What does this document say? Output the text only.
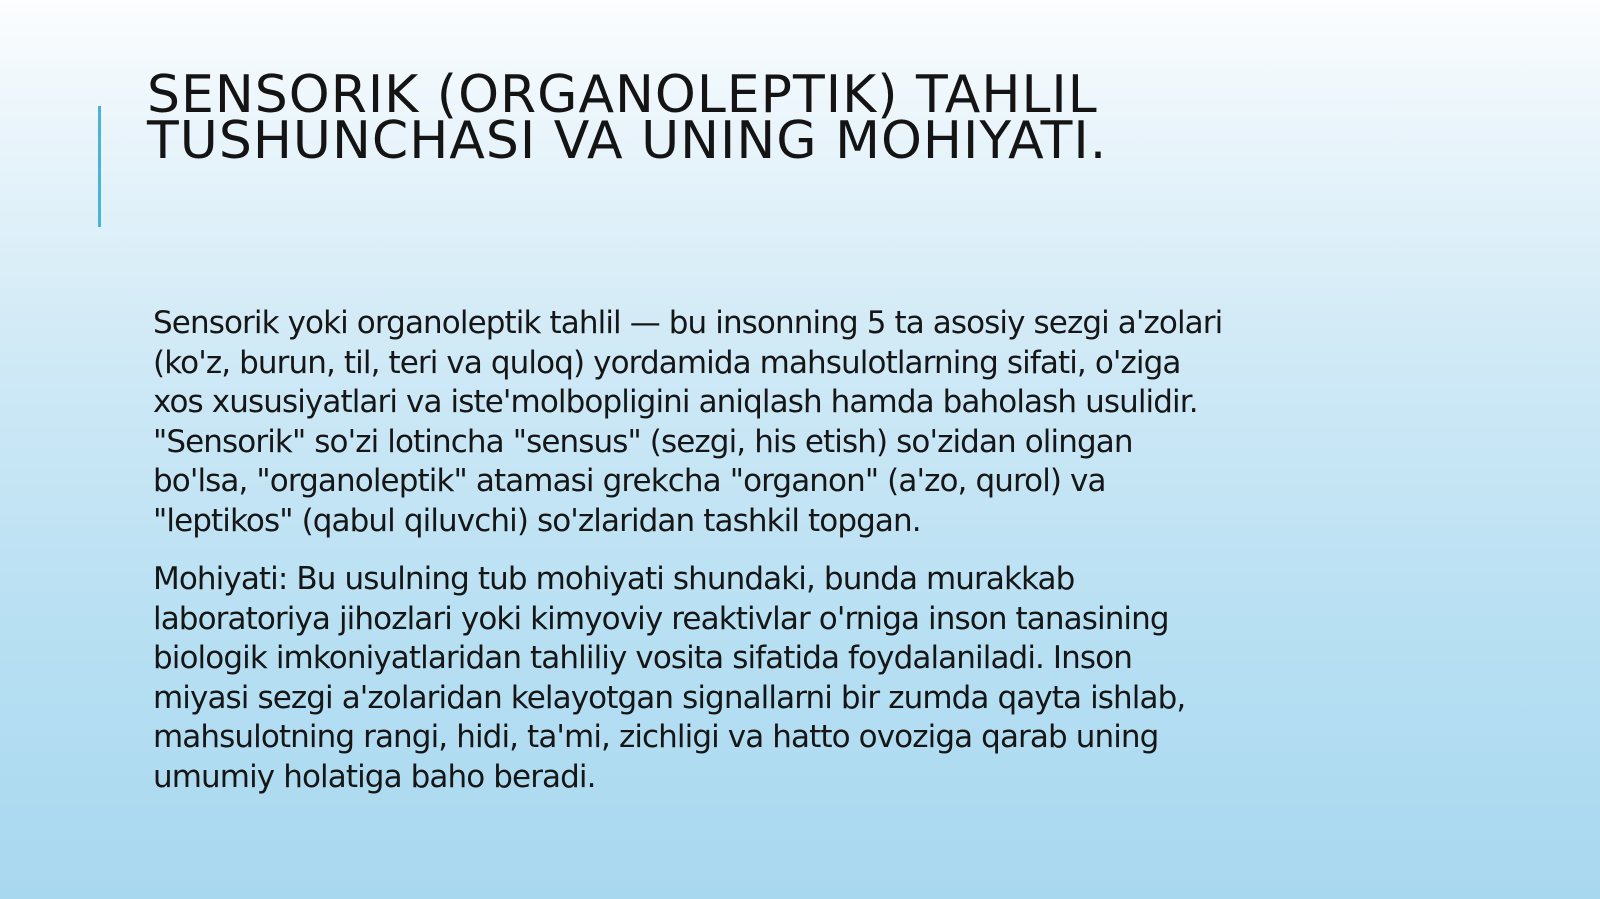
SENSORIK (ORGANOLEPTIK) TAHLIL
TUSHUNCHASI VA UNING MOHIYATI.

Sensorik yoki organoleptik tahlil — bu insonning 5 ta asosiy sezgi a'zolari
(ko'z, burun, til, teri va quloq) yordamida mahsulotlarning sifati, o'ziga
xos xususiyatlari va iste'molbopligini aniqlash hamda baholash usulidir.
"Sensorik" so'zi lotincha "sensus" (sezgi, his etish) so'zidan olingan
bo'lsa, "organoleptik" atamasi grekcha "organon" (a'zo, qurol) va
"leptikos" (qabul qiluvchi) so'zlaridan tashkil topgan.

Mohiyati: Bu usulning tub mohiyati shundaki, bunda murakkab
laboratoriya jihozlari yoki kimyoviy reaktivlar o'rniga inson tanasining
biologik imkoniyatlaridan tahliliy vosita sifatida foydalaniladi. Inson
miyasi sezgi a'zolaridan kelayotgan signallarni bir zumda qayta ishlab,
mahsulotning rangi, hidi, ta'mi, zichligi va hatto ovoziga qarab uning
umumiy holatiga baho beradi.
